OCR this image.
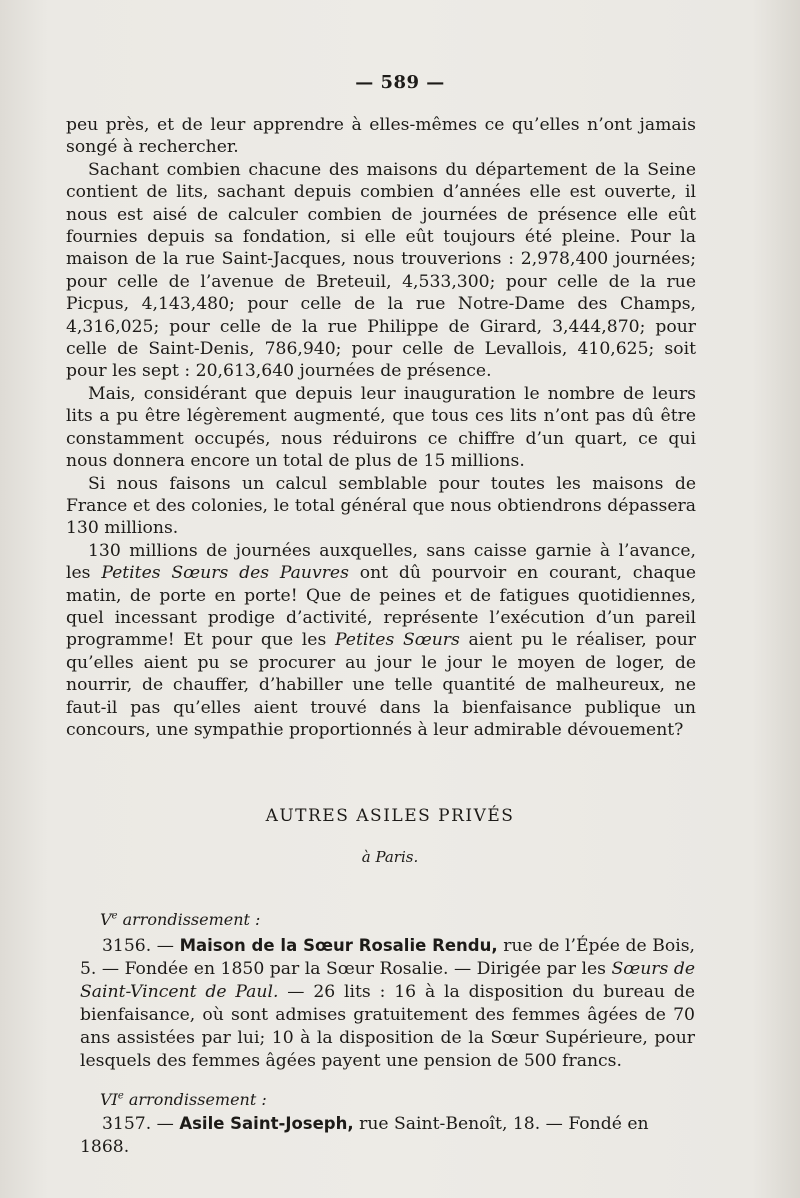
— 589 —

peu près, et de leur apprendre à elles-mêmes ce qu’elles n’ont jamais songé à rechercher.

Sachant combien chacune des maisons du département de la Seine contient de lits, sachant depuis combien d’années elle est ouverte, il nous est aisé de calculer combien de journées de présence elle eût fournies depuis sa fondation, si elle eût toujours été pleine. Pour la maison de la rue Saint-Jacques, nous trouverions : 2,978,400 journées; pour celle de l’avenue de Breteuil, 4,533,300; pour celle de la rue Picpus, 4,143,480; pour celle de la rue Notre-Dame des Champs, 4,316,025; pour celle de la rue Philippe de Girard, 3,444,870; pour celle de Saint-Denis, 786,940; pour celle de Levallois, 410,625; soit pour les sept : 20,613,640 journées de présence.

Mais, considérant que depuis leur inauguration le nombre de leurs lits a pu être légèrement augmenté, que tous ces lits n’ont pas dû être constamment occupés, nous réduirons ce chiffre d’un quart, ce qui nous donnera encore un total de plus de 15 millions.

Si nous faisons un calcul semblable pour toutes les maisons de France et des colonies, le total général que nous obtiendrons dépassera 130 millions.

130 millions de journées auxquelles, sans caisse garnie à l’avance, les Petites Sœurs des Pauvres ont dû pourvoir en courant, chaque matin, de porte en porte! Que de peines et de fatigues quotidiennes, quel incessant prodige d’activité, représente l’exécution d’un pareil programme! Et pour que les Petites Sœurs aient pu le réaliser, pour qu’elles aient pu se procurer au jour le jour le moyen de loger, de nourrir, de chauffer, d’habiller une telle quantité de malheureux, ne faut-il pas qu’elles aient trouvé dans la bienfaisance publique un concours, une sympathie proportionnés à leur admirable dévouement?

AUTRES ASILES PRIVÉS
à Paris.
Ve arrondissement :
3156. — Maison de la Sœur Rosalie Rendu, rue de l’Épée de Bois, 5. — Fondée en 1850 par la Sœur Rosalie. — Dirigée par les Sœurs de Saint-Vincent de Paul. — 26 lits : 16 à la disposition du bureau de bienfaisance, où sont admises gratuitement des femmes âgées de 70 ans assistées par lui; 10 à la disposition de la Sœur Supérieure, pour lesquels des femmes âgées payent une pension de 500 francs.
VIe arrondissement :
3157. — Asile Saint-Joseph, rue Saint-Benoît, 18. — Fondé en 1868.
